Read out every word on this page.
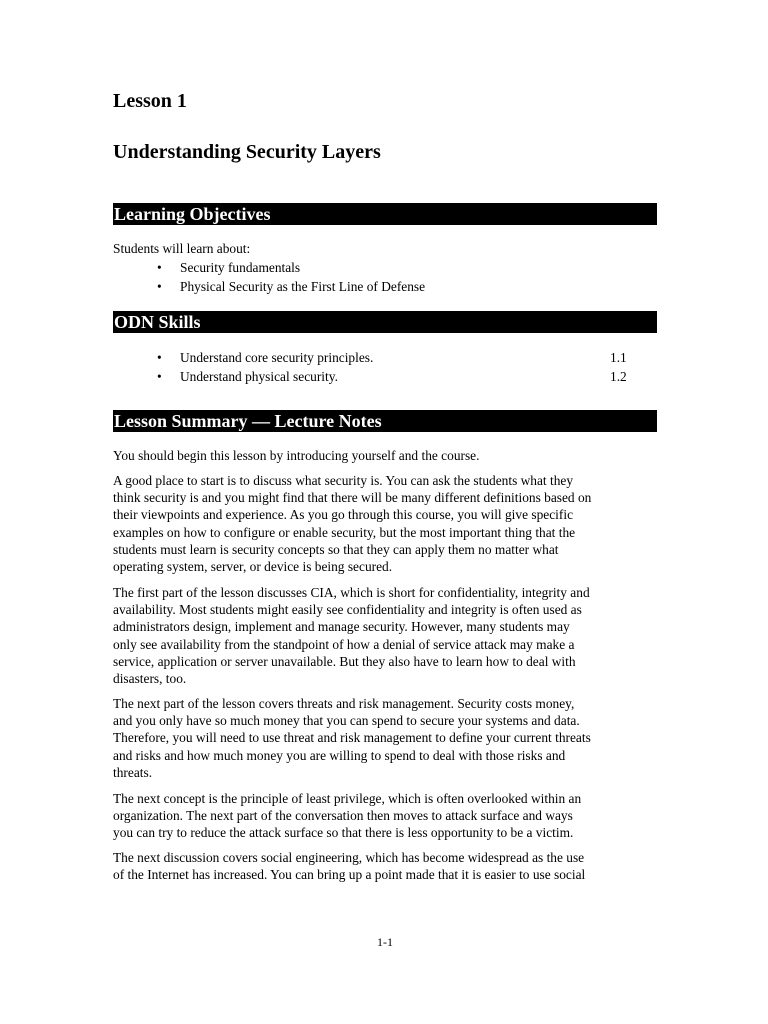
Lesson 1
Understanding Security Layers
Learning Objectives

Students will learn about:

• Security fundamentals
• Physical Security as the First Line of Defense
ODN Skills
• Understand core security principles.	1.1
• Understand physical security.	1.2
Lesson Summary — Lecture Notes

You should begin this lesson by introducing yourself and the course.

A good place to start is to discuss what security is. You can ask the students what they

think security is and you might find that there will be many different definitions based on

their viewpoints and experience. As you go through this course, you will give specific

examples on how to configure or enable security, but the most important thing that the

students must learn is security concepts so that they can apply them no matter what

operating system, server, or device is being secured.

The first part of the lesson discusses CIA, which is short for confidentiality, integrity and

availability. Most students might easily see confidentiality and integrity is often used as

administrators design, implement and manage security. However, many students may

only see availability from the standpoint of how a denial of service attack may make a

service, application or server unavailable. But they also have to learn how to deal with

disasters, too.

The next part of the lesson covers threats and risk management. Security costs money,

and you only have so much money that you can spend to secure your systems and data.

Therefore, you will need to use threat and risk management to define your current threats

and risks and how much money you are willing to spend to deal with those risks and

threats.

The next concept is the principle of least privilege, which is often overlooked within an

organization. The next part of the conversation then moves to attack surface and ways

you can try to reduce the attack surface so that there is less opportunity to be a victim.

The next discussion covers social engineering, which has become widespread as the use

of the Internet has increased. You can bring up a point made that it is easier to use social

1-1
